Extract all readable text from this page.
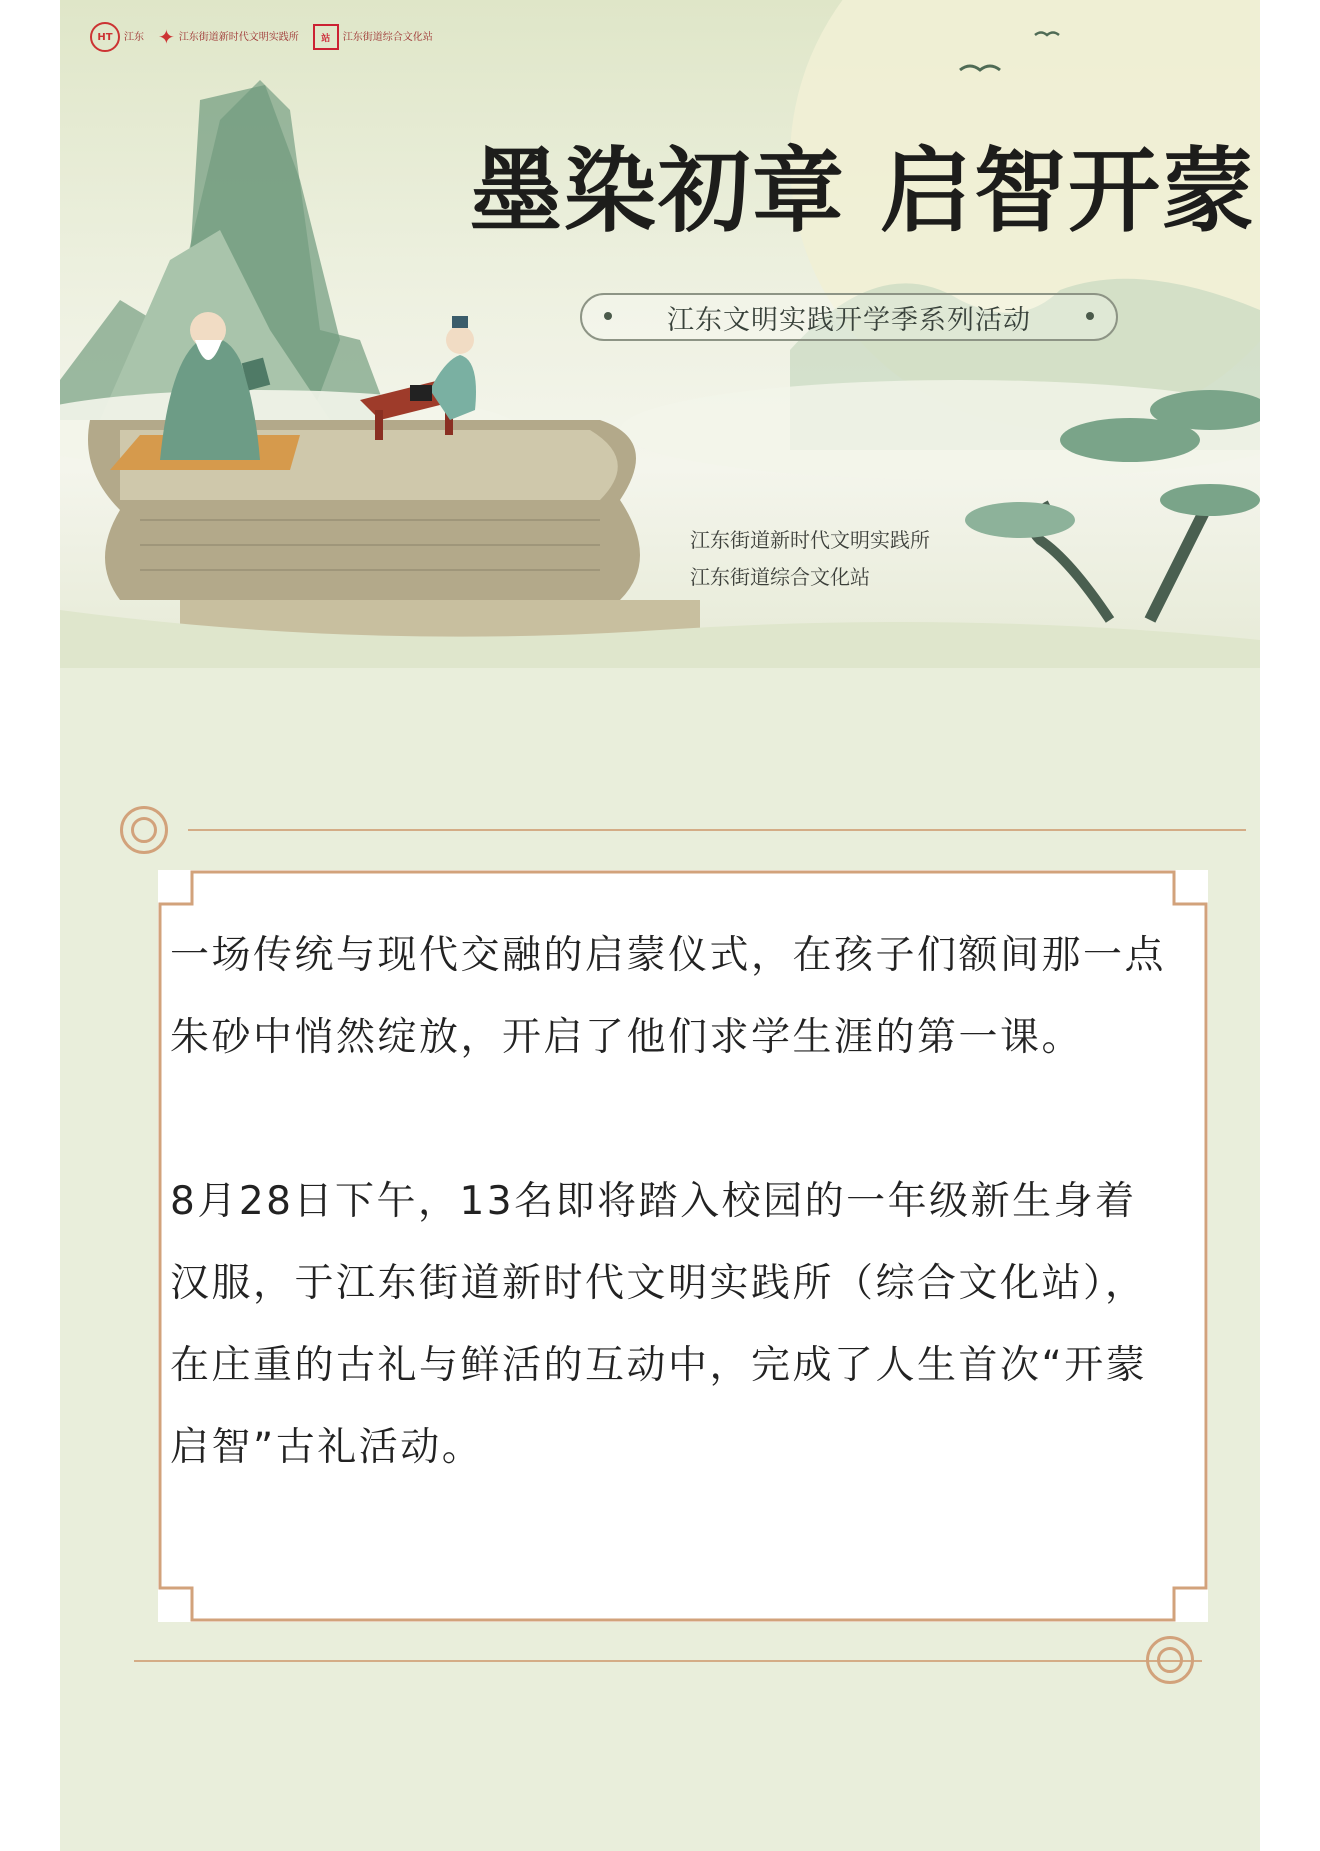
HT	江东 ✦ 江东街道新时代文明实践所	站	江东街道综合文化站
墨染初章 启智开蒙
江东文明实践开学季系列活动
江东街道新时代文明实践所
江东街道综合文化站

一场传统与现代交融的启蒙仪式，在孩子们额间那一点朱砂中悄然绽放，开启了他们求学生涯的第一课。

8月28日下午，13名即将踏入校园的一年级新生身着汉服，于江东街道新时代文明实践所（综合文化站），在庄重的古礼与鲜活的互动中，完成了人生首次“开蒙启智”古礼活动。
